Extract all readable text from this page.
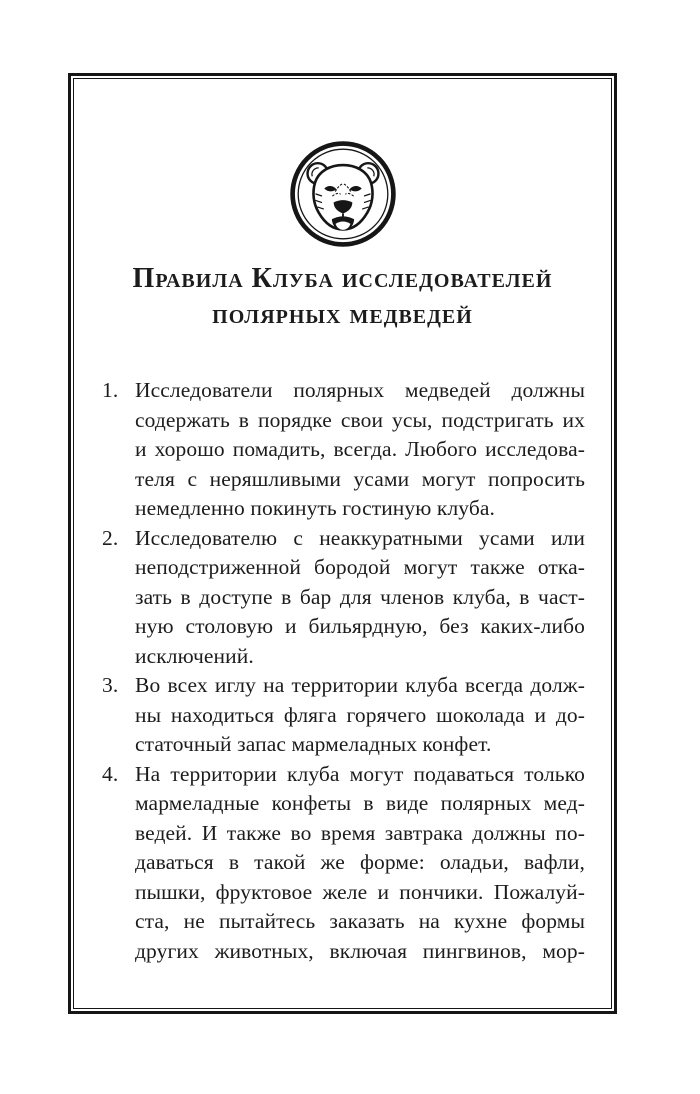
Правила Клуба исследователей
полярных медведей
1. Исследователи полярных медведей должны
содержать в порядке свои усы, подстригать их
и хорошо помадить, всегда. Любого исследова-
теля с неряшливыми усами могут попросить
немедленно покинуть гостиную клуба.
2. Исследователю с неаккуратными усами или
неподстриженной бородой могут также отка-
зать в доступе в бар для членов клуба, в част-
ную столовую и бильярдную, без каких-либо
исключений.
3. Во всех иглу на территории клуба всегда долж-
ны находиться фляга горячего шоколада и до-
статочный запас мармеладных конфет.
4. На территории клуба могут подаваться только
мармеладные конфеты в виде полярных мед-
ведей. И также во время завтрака должны по-
даваться в такой же форме: оладьи, вафли,
пышки, фруктовое желе и пончики. Пожалуй-
ста, не пытайтесь заказать на кухне формы
других животных, включая пингвинов, мор-
